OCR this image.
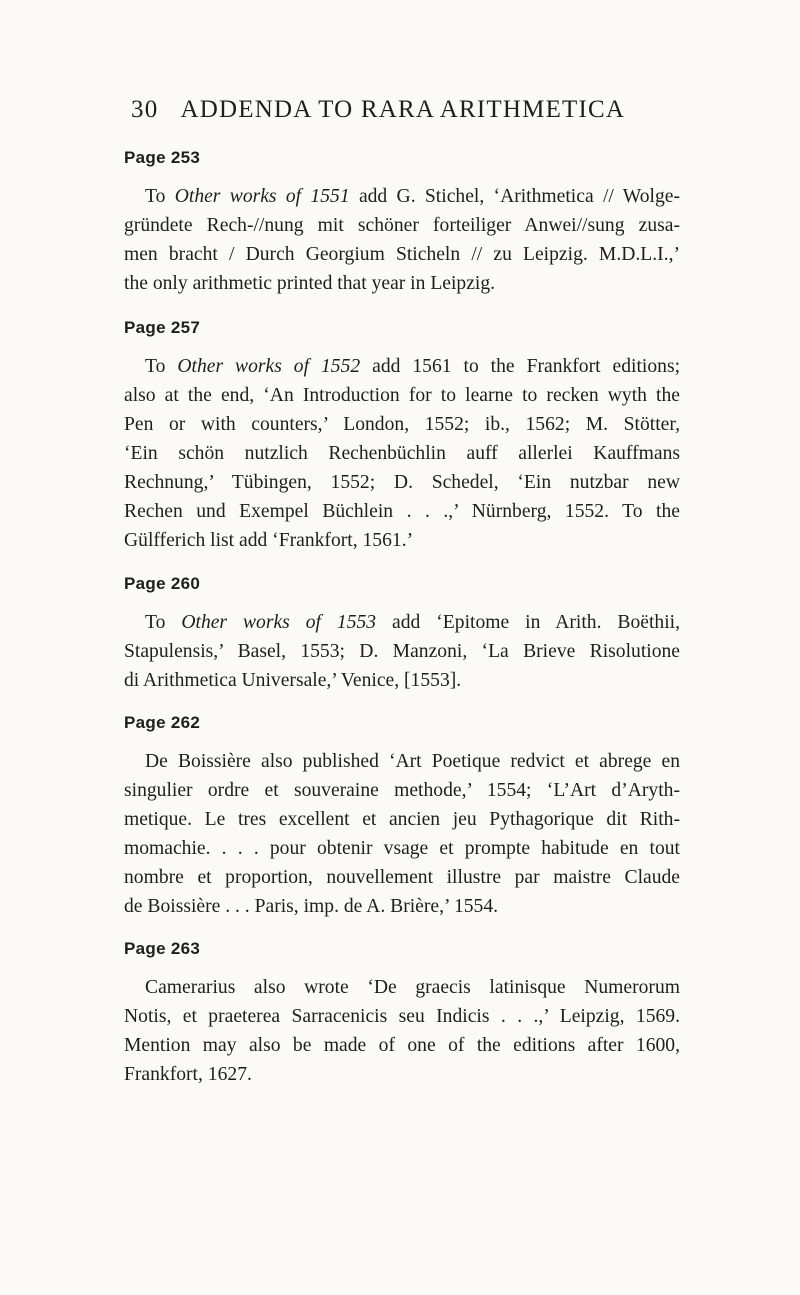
30 ADDENDA TO RARA ARITHMETICA
Page 253
To Other works of 1551 add G. Stichel, ‘Arithmetica // Wolge-
gründete Rech-//nung mit schöner forteiliger Anwei//sung zusa-
men bracht / Durch Georgium Sticheln // zu Leipzig. M.D.L.I.,’
the only arithmetic printed that year in Leipzig.
Page 257
To Other works of 1552 add 1561 to the Frankfort editions;
also at the end, ‘An Introduction for to learne to recken wyth the
Pen or with counters,’ London, 1552; ib., 1562; M. Stötter,
‘Ein schön nutzlich Rechenbüchlin auff allerlei Kauffmans
Rechnung,’ Tübingen, 1552; D. Schedel, ‘Ein nutzbar new
Rechen und Exempel Büchlein . . .,’ Nürnberg, 1552. To the
Gülfferich list add ‘Frankfort, 1561.’
Page 260
To Other works of 1553 add ‘Epitome in Arith. Boëthii,
Stapulensis,’ Basel, 1553; D. Manzoni, ‘La Brieve Risolutione
di Arithmetica Universale,’ Venice, [1553].
Page 262
De Boissière also published ‘Art Poetique redvict et abrege en
singulier ordre et souveraine methode,’ 1554; ‘L’Art d’Aryth-
metique. Le tres excellent et ancien jeu Pythagorique dit Rith-
momachie. . . . pour obtenir vsage et prompte habitude en tout
nombre et proportion, nouvellement illustre par maistre Claude
de Boissière . . . Paris, imp. de A. Brière,’ 1554.
Page 263
Camerarius also wrote ‘De graecis latinisque Numerorum
Notis, et praeterea Sarracenicis seu Indicis . . .,’ Leipzig, 1569.
Mention may also be made of one of the editions after 1600,
Frankfort, 1627.
